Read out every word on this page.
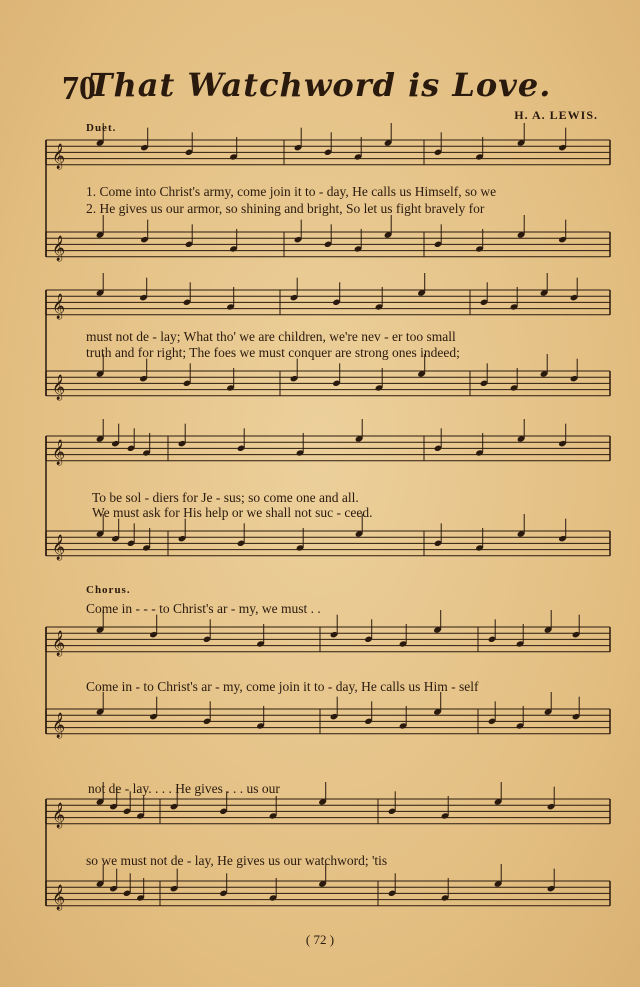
70
That Watchword is Love.
H. A. LEWIS.
Duet.
𝄞
𝄞
𝄞
𝄞
𝄞
𝄞
𝄞
𝄞
𝄞
𝄞
1. Come into Christ's army, come join it to - day, He calls us Himself, so we
2. He gives us our armor, so shining and bright, So let us fight bravely for
must not de - lay; What tho' we are children, we're nev - er too small
truth and for right; The foes we must conquer are strong ones indeed;
To be sol - diers for Je - sus; so come one and all.
We must ask for His help or we shall not suc - ceed.
Chorus.
Come in - - - to Christ's ar - my, we must . .
Come in - to Christ's ar - my, come join it to - day, He calls us Him - self
not de - lay. . . . He gives . . . us our
so we must not de - lay, He gives us our watchword; 'tis
( 72 )
